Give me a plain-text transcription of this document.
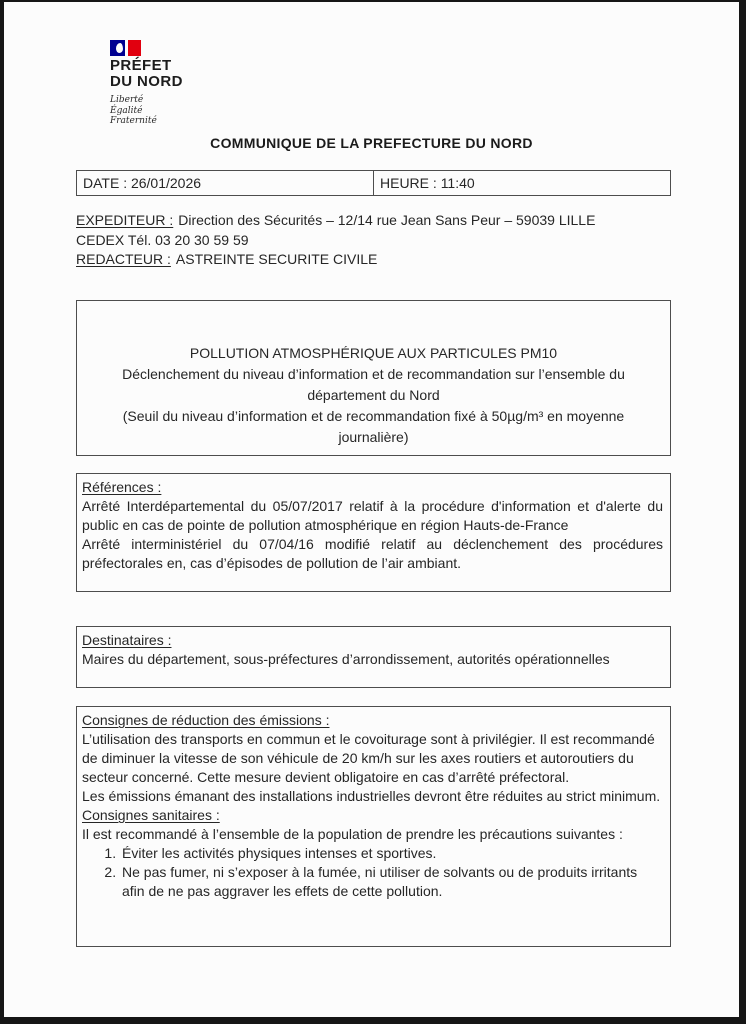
PRÉFET
DU NORD
Liberté
Égalité
Fraternité
COMMUNIQUE DE LA PREFECTURE DU NORD
DATE :
26/01/2026	HEURE :
11:40
EXPEDITEUR : Direction des Sécurités – 12/14 rue Jean Sans Peur – 59039 LILLE CEDEX Tél. 03 20 30 59 59
REDACTEUR : ASTREINTE SECURITE CIVILE
POLLUTION ATMOSPHÉRIQUE AUX PARTICULES PM10
Déclenchement du niveau d’information et de recommandation sur l’ensemble du département du Nord
(Seuil du niveau d’information et de recommandation fixé à 50µg/m³ en moyenne journalière)
Références :
Arrêté Interdépartemental du 05/07/2017 relatif à la procédure d'information et d'alerte du public en cas de pointe de pollution atmosphérique en région Hauts-de-France
Arrêté interministériel du 07/04/16 modifié relatif au déclenchement des procédures préfectorales en, cas d’épisodes de pollution de l’air ambiant.
Destinataires :
Maires du département, sous-préfectures d’arrondissement, autorités opérationnelles
Consignes de réduction des émissions :
L’utilisation des transports en commun et le covoiturage sont à privilégier. Il est recommandé de diminuer la vitesse de son véhicule de 20 km/h sur les axes routiers et autoroutiers du secteur concerné. Cette mesure devient obligatoire en cas d’arrêté préfectoral.
Les émissions émanant des installations industrielles devront être réduites au strict minimum.
Consignes sanitaires :
Il est recommandé à l’ensemble de la population de prendre les précautions suivantes :
1. Éviter les activités physiques intenses et sportives.
2. Ne pas fumer, ni s’exposer à la fumée, ni utiliser de solvants ou de produits irritants afin de ne pas aggraver les effets de cette pollution.
